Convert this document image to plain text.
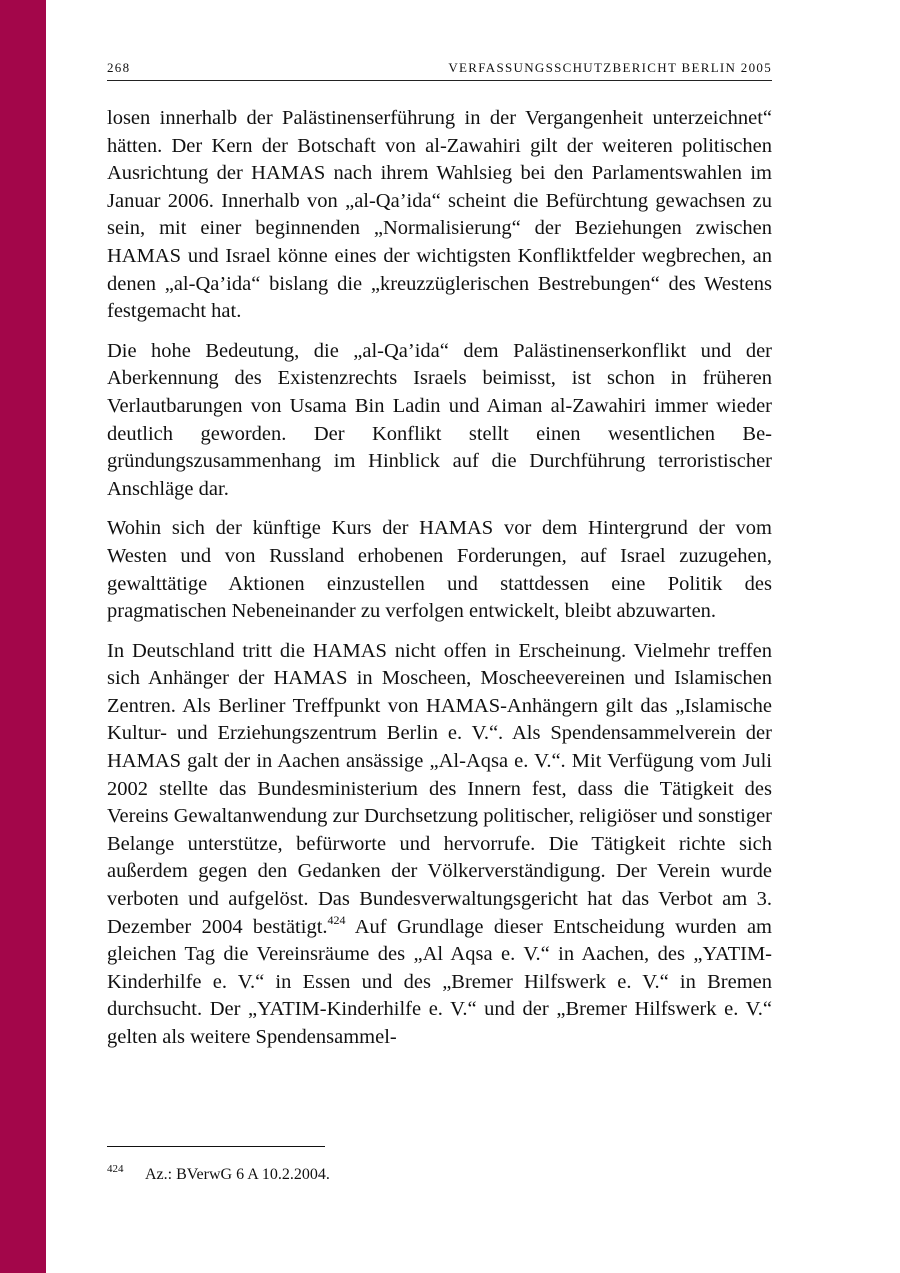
268	VERFASSUNGSSCHUTZBERICHT BERLIN 2005

losen innerhalb der Palästinenserführung in der Vergangenheit unterzeichnet“ hätten. Der Kern der Botschaft von al-Zawahiri gilt der weiteren politischen Ausrichtung der HAMAS nach ihrem Wahlsieg bei den Parlamentswahlen im Januar 2006. Innerhalb von „al-Qa’ida“ scheint die Befürchtung gewachsen zu sein, mit einer beginnenden „Normalisierung“ der Beziehungen zwischen HAMAS und Israel könne eines der wichtigsten Konfliktfelder wegbrechen, an denen „al-Qa’ida“ bislang die „kreuzzüglerischen Bestrebungen“ des Westens festgemacht hat.

Die hohe Bedeutung, die „al-Qa’ida“ dem Palästinenserkonflikt und der Aberkennung des Existenzrechts Israels beimisst, ist schon in früheren Verlautbarungen von Usama Bin Ladin und Aiman al-Zawahiri immer wieder deutlich geworden. Der Konflikt stellt einen wesentlichen Begründungszusammenhang im Hinblick auf die Durchführung terroristischer Anschläge dar.

Wohin sich der künftige Kurs der HAMAS vor dem Hintergrund der vom Westen und von Russland erhobenen Forderungen, auf Israel zuzugehen, gewalttätige Aktionen einzustellen und stattdessen eine Politik des pragmatischen Nebeneinander zu verfolgen entwickelt, bleibt abzuwarten.

In Deutschland tritt die HAMAS nicht offen in Erscheinung. Vielmehr treffen sich Anhänger der HAMAS in Moscheen, Moscheevereinen und Islamischen Zentren. Als Berliner Treffpunkt von HAMAS-Anhängern gilt das „Islamische Kultur- und Erziehungszentrum Berlin e. V.“. Als Spendensammelverein der HAMAS galt der in Aachen ansässige „Al-Aqsa e. V.“. Mit Verfügung vom Juli 2002 stellte das Bundesministerium des Innern fest, dass die Tätigkeit des Vereins Gewaltanwendung zur Durchsetzung politischer, religiöser und sonstiger Belange unterstütze, befürworte und hervorrufe. Die Tätigkeit richte sich außerdem gegen den Gedanken der Völkerverständigung. Der Verein wurde verboten und aufgelöst. Das Bundesverwaltungsgericht hat das Verbot am 3. Dezember 2004 bestätigt.$^{424}$ Auf Grundlage dieser Entscheidung wurden am gleichen Tag die Vereinsräume des „Al Aqsa e. V.“ in Aachen, des „YATIM-Kinderhilfe e. V.“ in Essen und des „Bremer Hilfswerk e. V.“ in Bremen durchsucht. Der „YATIM-Kinderhilfe e. V.“ und der „Bremer Hilfswerk e. V.“ gelten als weitere Spendensammel-

424	Az.: BVerwG 6 A 10.2.2004.
